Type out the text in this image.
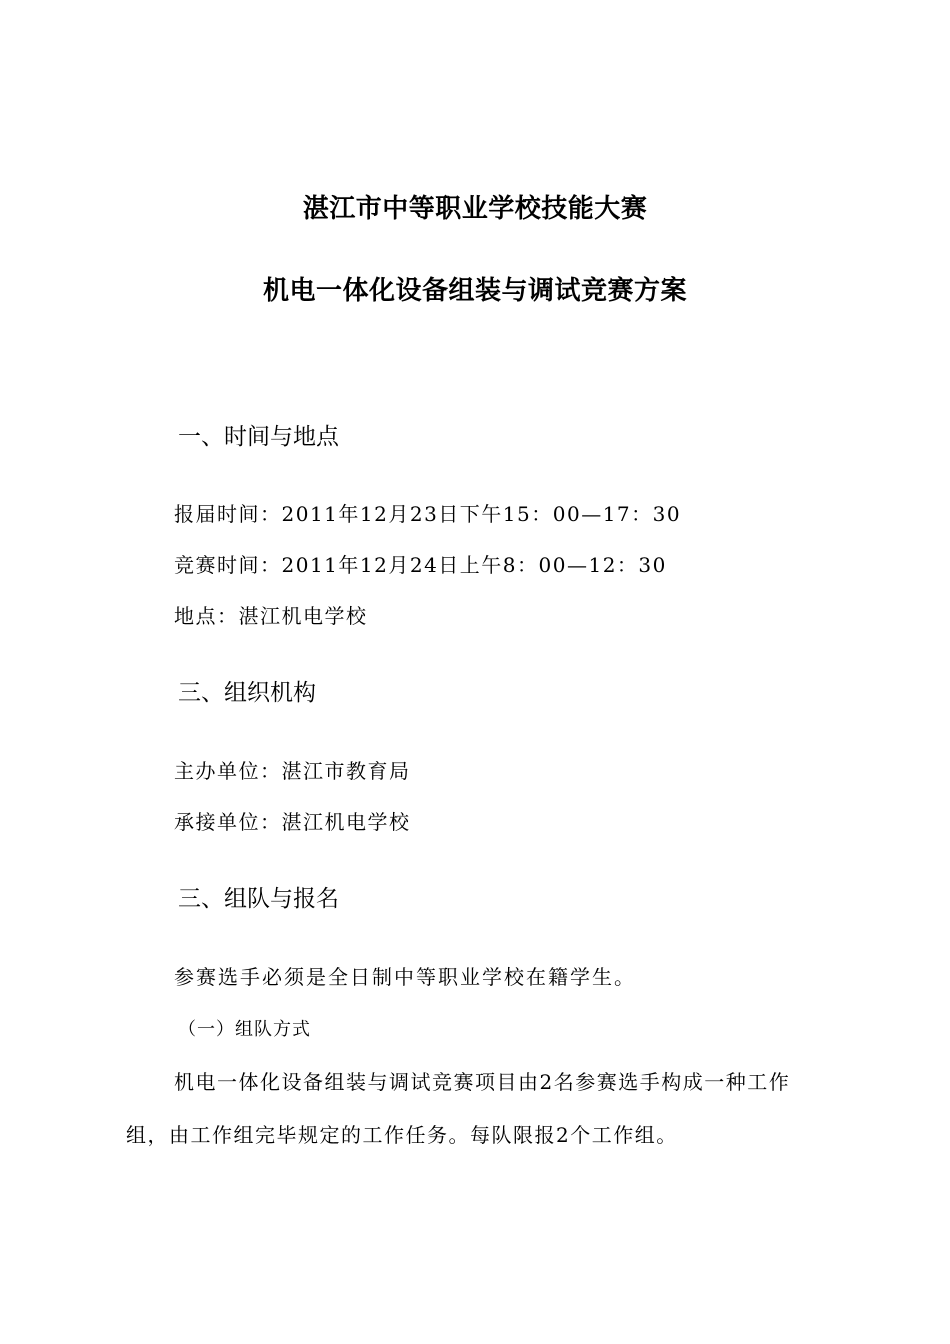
湛江市中等职业学校技能大赛
机电一体化设备组装与调试竞赛方案
一、时间与地点
报届时间：2011年12月23日下午15：00—17：30
竞赛时间：2011年12月24日上午8：00—12：30
地点：湛江机电学校
三、组织机构
主办单位：湛江市教育局
承接单位：湛江机电学校
三、组队与报名
参赛选手必须是全日制中等职业学校在籍学生。
（一）组队方式
机电一体化设备组装与调试竞赛项目由2名参赛选手构成一种工作
组，由工作组完毕规定的工作任务。每队限报2个工作组。
